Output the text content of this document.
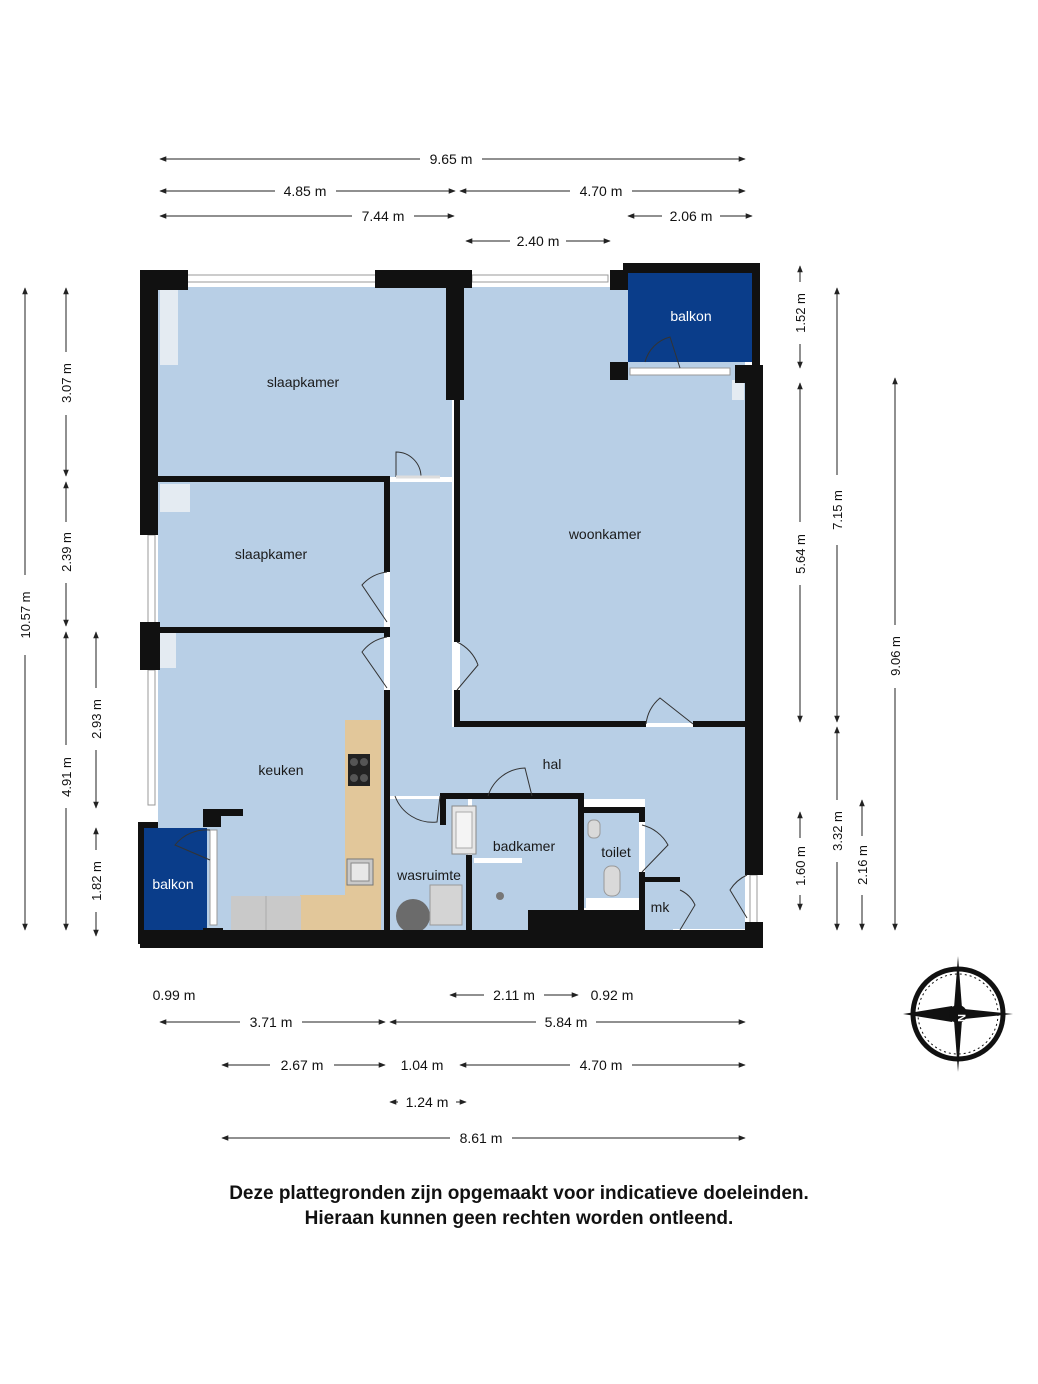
slaapkamer
slaapkamer
woonkamer
keuken	hal
badkamer	toilet
wasruimte
mk
balkon
balkon
9.65 m
4.85 m	4.70 m
7.44 m	2.06 m
2.40 m
10.57 m
3.07 m
2.39 m
4.91 m
2.93 m
1.82 m
1.52 m
7.15 m
5.64 m
9.06 m
3.32 m
1.60 m	2.16 m
0.99 m	2.11 m	0.92 m
3.71 m	5.84 m
2.67 m	1.04 m	4.70 m
1.24 m
8.61 m
N
Deze plattegronden zijn opgemaakt voor indicatieve doeleinden.
Hieraan kunnen geen rechten worden ontleend.
